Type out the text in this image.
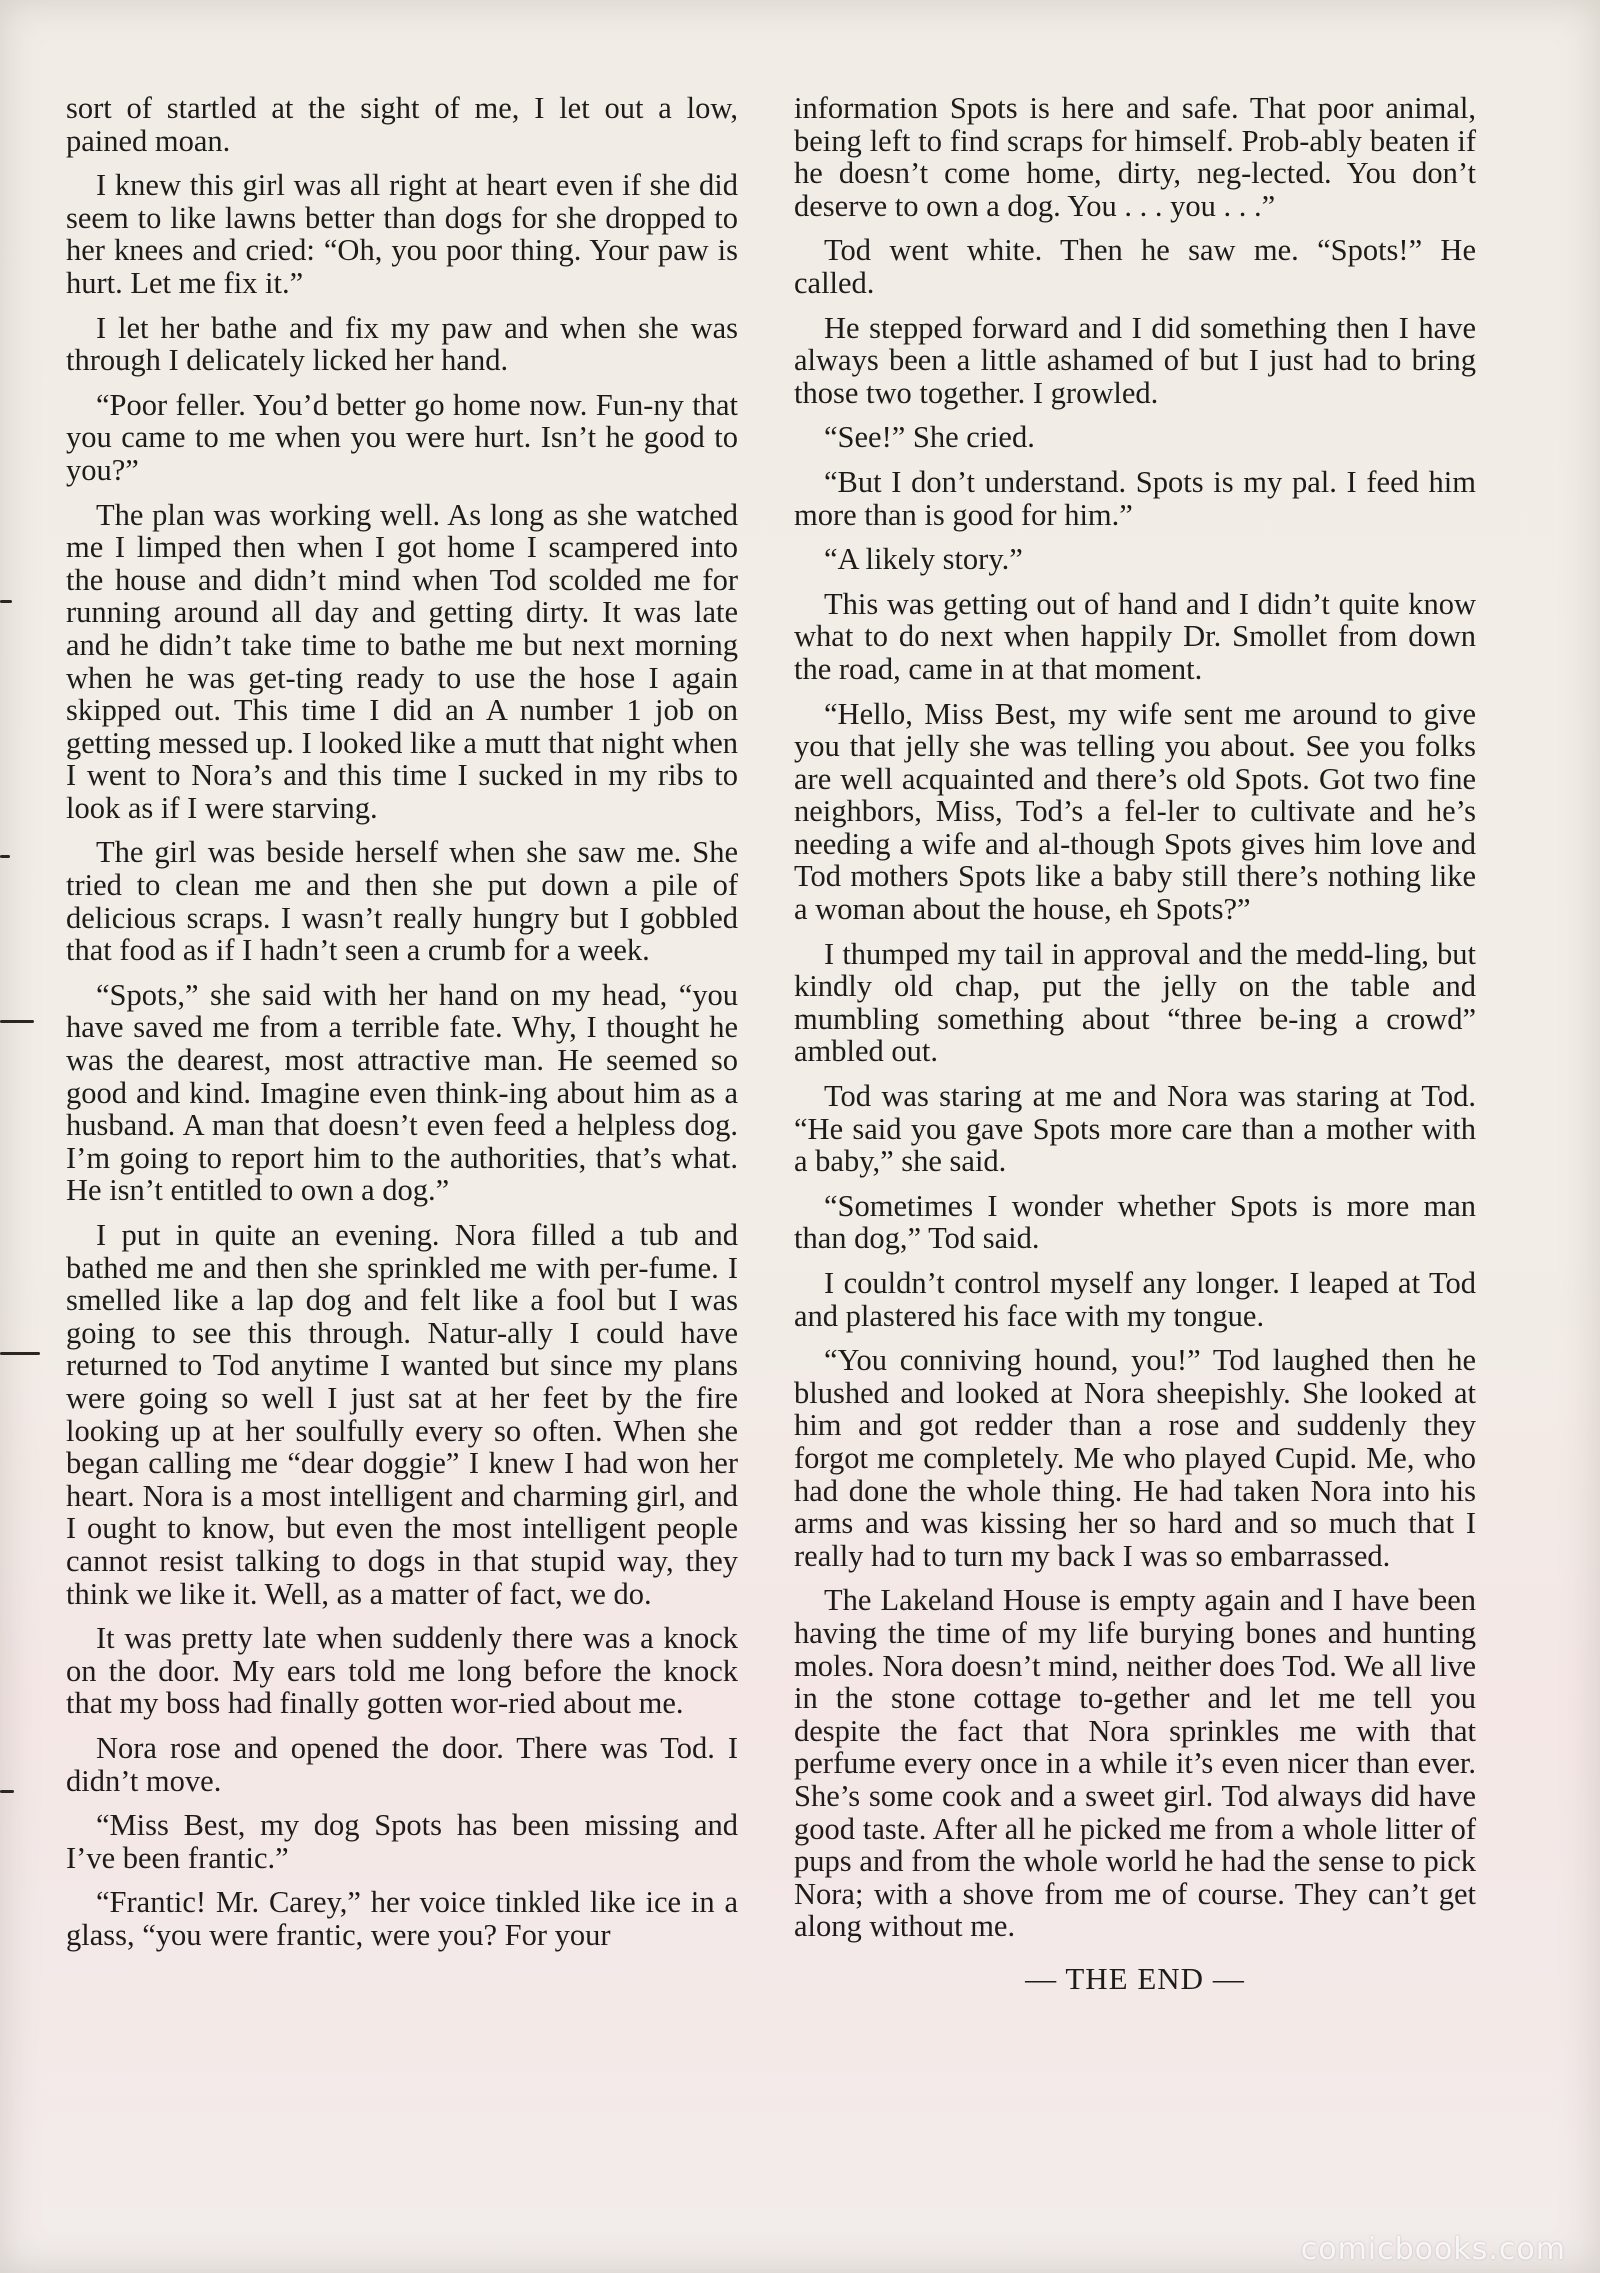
sort of startled at the sight of me, I let out a low, pained moan.

I knew this girl was all right at heart even if she did seem to like lawns better than dogs for she dropped to her knees and cried: “Oh, you poor thing. Your paw is hurt. Let me fix it.”

I let her bathe and fix my paw and when she was through I delicately licked her hand.

“Poor feller. You’d better go home now. Fun‑ny that you came to me when you were hurt. Isn’t he good to you?”

The plan was working well. As long as she watched me I limped then when I got home I scampered into the house and didn’t mind when Tod scolded me for running around all day and getting dirty. It was late and he didn’t take time to bathe me but next morning when he was get‑ting ready to use the hose I again skipped out. This time I did an A number 1 job on getting messed up. I looked like a mutt that night when I went to Nora’s and this time I sucked in my ribs to look as if I were starving.

The girl was beside herself when she saw me. She tried to clean me and then she put down a pile of delicious scraps. I wasn’t really hungry but I gobbled that food as if I hadn’t seen a crumb for a week.

“Spots,” she said with her hand on my head, “you have saved me from a terrible fate. Why, I thought he was the dearest, most attractive man. He seemed so good and kind. Imagine even think‑ing about him as a husband. A man that doesn’t even feed a helpless dog. I’m going to report him to the authorities, that’s what. He isn’t entitled to own a dog.”

I put in quite an evening. Nora filled a tub and bathed me and then she sprinkled me with per‑fume. I smelled like a lap dog and felt like a fool but I was going to see this through. Natur‑ally I could have returned to Tod anytime I wanted but since my plans were going so well I just sat at her feet by the fire looking up at her soulfully every so often. When she began calling me “dear doggie” I knew I had won her heart. Nora is a most intelligent and charming girl, and I ought to know, but even the most intelligent people cannot resist talking to dogs in that stupid way, they think we like it. Well, as a matter of fact, we do.

It was pretty late when suddenly there was a knock on the door. My ears told me long before the knock that my boss had finally gotten wor‑ried about me.

Nora rose and opened the door. There was Tod. I didn’t move.

“Miss Best, my dog Spots has been missing and I’ve been frantic.”

“Frantic! Mr. Carey,” her voice tinkled like ice in a glass, “you were frantic, were you? For your

information Spots is here and safe. That poor animal, being left to find scraps for himself. Prob‑ably beaten if he doesn’t come home, dirty, neg‑lected. You don’t deserve to own a dog. You . . . you . . .”

Tod went white. Then he saw me. “Spots!” He called.

He stepped forward and I did something then I have always been a little ashamed of but I just had to bring those two together. I growled.

“See!” She cried.

“But I don’t understand. Spots is my pal. I feed him more than is good for him.”

“A likely story.”

This was getting out of hand and I didn’t quite know what to do next when happily Dr. Smollet from down the road, came in at that moment.

“Hello, Miss Best, my wife sent me around to give you that jelly she was telling you about. See you folks are well acquainted and there’s old Spots. Got two fine neighbors, Miss, Tod’s a fel‑ler to cultivate and he’s needing a wife and al‑though Spots gives him love and Tod mothers Spots like a baby still there’s nothing like a woman about the house, eh Spots?”

I thumped my tail in approval and the medd‑ling, but kindly old chap, put the jelly on the table and mumbling something about “three be‑ing a crowd” ambled out.

Tod was staring at me and Nora was staring at Tod. “He said you gave Spots more care than a mother with a baby,” she said.

“Sometimes I wonder whether Spots is more man than dog,” Tod said.

I couldn’t control myself any longer. I leaped at Tod and plastered his face with my tongue.

“You conniving hound, you!” Tod laughed then he blushed and looked at Nora sheepishly. She looked at him and got redder than a rose and suddenly they forgot me completely. Me who played Cupid. Me, who had done the whole thing. He had taken Nora into his arms and was kissing her so hard and so much that I really had to turn my back I was so embarrassed.

The Lakeland House is empty again and I have been having the time of my life burying bones and hunting moles. Nora doesn’t mind, neither does Tod. We all live in the stone cottage to‑gether and let me tell you despite the fact that Nora sprinkles me with that perfume every once in a while it’s even nicer than ever. She’s some cook and a sweet girl. Tod always did have good taste. After all he picked me from a whole litter of pups and from the whole world he had the sense to pick Nora; with a shove from me of course. They can’t get along without me.

— THE END —

comicbooks.com
